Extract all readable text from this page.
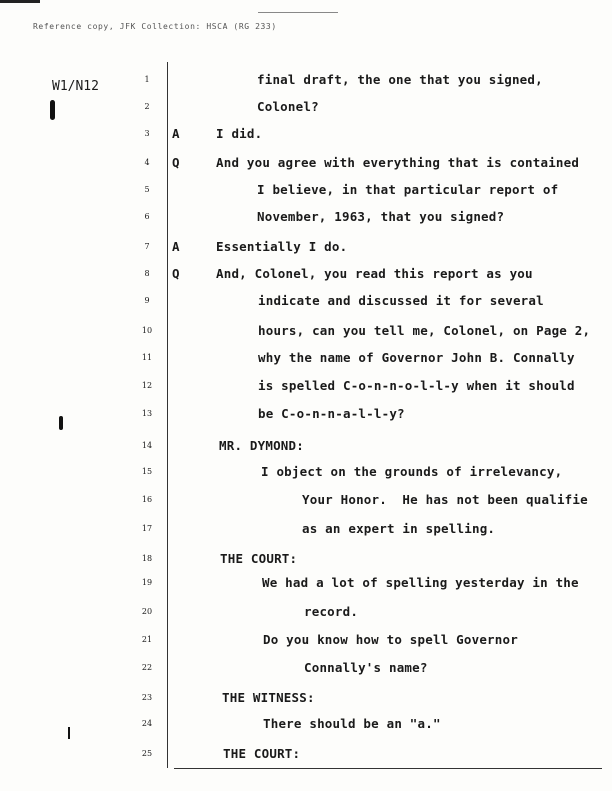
Reference copy, JFK Collection: HSCA (RG 233)
W1/N12	1	final draft, the one that you signed,
2	Colonel?
3	A	I did.
4	Q	And you agree with everything that is contained
5	I believe, in that particular report of
6	November, 1963, that you signed?
7	A	Essentially I do.
8	Q	And, Colonel, you read this report as you
9	indicate and discussed it for several
10	hours, can you tell me, Colonel, on Page 2,
11	why the name of Governor John B. Connally
12	is spelled C-o-n-n-o-l-l-y when it should
13	be C-o-n-n-a-l-l-y?
14	MR. DYMOND:
15	I object on the grounds of irrelevancy,
16	Your Honor.  He has not been qualifie
17	as an expert in spelling.
18	THE COURT:
19	We had a lot of spelling yesterday in the
20	record.
21	Do you know how to spell Governor
22	Connally's name?
23	THE WITNESS:
24	There should be an "a."
25	THE COURT:
